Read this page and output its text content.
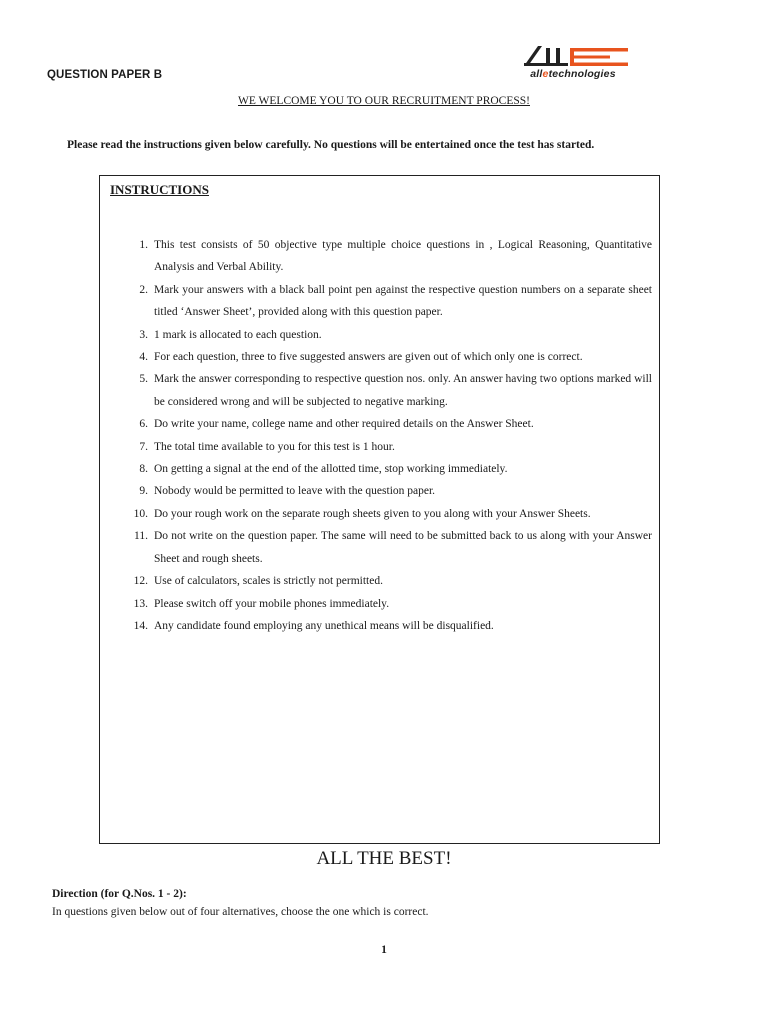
QUESTION PAPER B	alletechnologies
WE WELCOME YOU TO OUR RECRUITMENT PROCESS!
Please read the instructions given below carefully. No questions will be entertained once the test has started.
INSTRUCTIONS
1. This test consists of 50 objective type multiple choice questions in , Logical Reasoning, Quantitative Analysis and Verbal Ability.
2. Mark your answers with a black ball point pen against the respective question numbers on a separate sheet titled ‘Answer Sheet’, provided along with this question paper.
3. 1 mark is allocated to each question.
4. For each question, three to five suggested answers are given out of which only one is correct.
5. Mark the answer corresponding to respective question nos. only. An answer having two options marked will be considered wrong and will be subjected to negative marking.
6. Do write your name, college name and other required details on the Answer Sheet.
7. The total time available to you for this test is 1 hour.
8. On getting a signal at the end of the allotted time, stop working immediately.
9. Nobody would be permitted to leave with the question paper.
10. Do your rough work on the separate rough sheets given to you along with your Answer Sheets.
11. Do not write on the question paper. The same will need to be submitted back to us along with your Answer Sheet and rough sheets.
12. Use of calculators, scales is strictly not permitted.
13. Please switch off your mobile phones immediately.
14. Any candidate found employing any unethical means will be disqualified.
ALL THE BEST!
Direction (for Q.Nos. 1 - 2):
In questions given below out of four alternatives, choose the one which is correct.
1
